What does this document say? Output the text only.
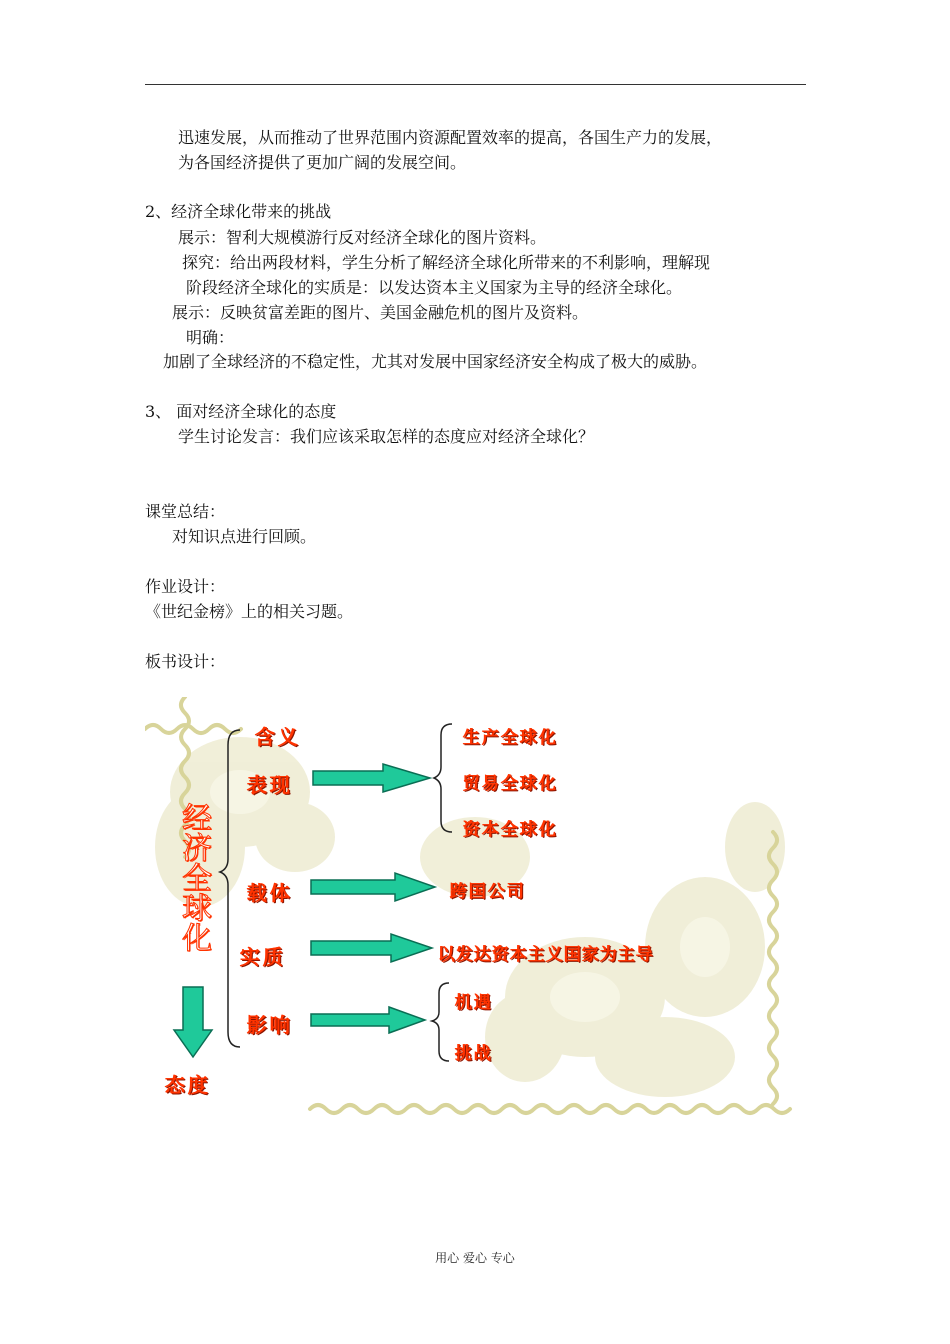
迅速发展，从而推动了世界范围内资源配置效率的提高，各国生产力的发展，
为各国经济提供了更加广阔的发展空间。
2、经济全球化带来的挑战
展示：智利大规模游行反对经济全球化的图片资料。
探究：给出两段材料，学生分析了解经济全球化所带来的不利影响，理解现
阶段经济全球化的实质是：以发达资本主义国家为主导的经济全球化。
展示：反映贫富差距的图片、美国金融危机的图片及资料。
明确：
加剧了全球经济的不稳定性，尤其对发展中国家经济安全构成了极大的威胁。
3、 面对经济全球化的态度
学生讨论发言：我们应该采取怎样的态度应对经济全球化？
课堂总结：
对知识点进行回顾。
作业设计：
《世纪金榜》上的相关习题。
板书设计：
经济全球化
含义
表现
载体
实质
影响
生产全球化
贸易全球化
资本全球化
跨国公司
以发达资本主义国家为主导
机遇
挑战
态度
用心 爱心 专心
